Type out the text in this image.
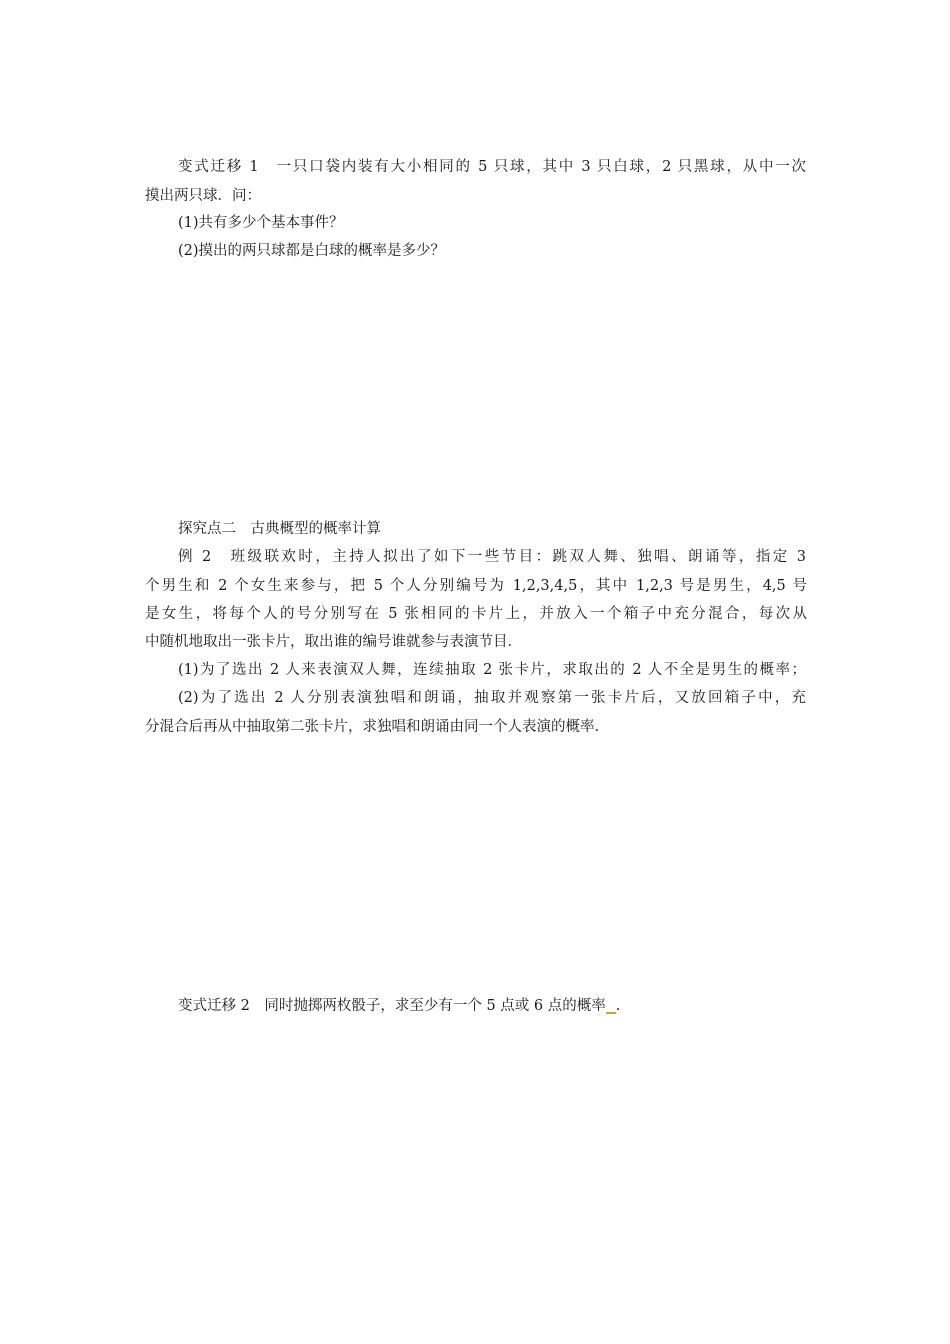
变式迁移 1　一只口袋内装有大小相同的 5 只球，其中 3 只白球，2 只黑球，从中一次
摸出两只球．问：
(1)共有多少个基本事件？
(2)摸出的两只球都是白球的概率是多少？
探究点二　古典概型的概率计算
例 2　班级联欢时，主持人拟出了如下一些节目：跳双人舞、独唱、朗诵等，指定 3
个男生和 2 个女生来参与，把 5 个人分别编号为 1,2,3,4,5，其中 1,2,3 号是男生，4,5 号
是女生，将每个人的号分别写在 5 张相同的卡片上，并放入一个箱子中充分混合，每次从
中随机地取出一张卡片，取出谁的编号谁就参与表演节目．
(1)为了选出 2 人来表演双人舞，连续抽取 2 张卡片，求取出的 2 人不全是男生的概率；
(2)为了选出 2 人分别表演独唱和朗诵，抽取并观察第一张卡片后，又放回箱子中，充
分混合后再从中抽取第二张卡片，求独唱和朗诵由同一个人表演的概率.
变式迁移 2　同时抛掷两枚骰子，求至少有一个 5 点或 6 点的概率 .
